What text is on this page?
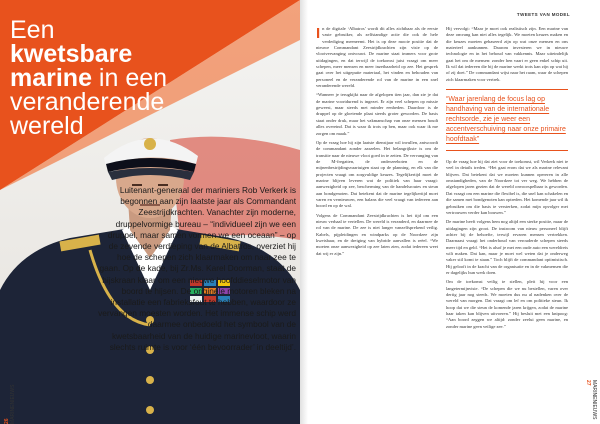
Een kwetsbare marine in een veranderende wereld

Luitenant-generaal der mariniers Rob Verkerk is begonnen aan zijn laatste jaar als Commandant Zeestrijdkrachten. Vanachter zijn moderne, druppelvormige bureau – “individueel zijn we een druppel, maar samen vormen we een oceaan” – op de zevende verdieping van de Albatros, overziet hij hoe de schepen zich klaarmaken om naar zee te gaan. Op de kade, bij Zr.Ms. Karel Doorman, staat de hijskraan klaar om een nieuwe hoofddieselmotor van boord te hijsen. De originele motoren bleken na installatie een fabrieksfout te hebben, waardoor ze vervangen moesten worden. Het immense schip werd daarmee onbedoeld het symbool van de kwetsbaarheid van de huidige marinevloot, waarin slechts ruimte is voor ‘één bevoorrader’ in deeltijd’.

26 MARINENIEUWS
TWEETS VAN MODEL

In de digitale ‘Albatros’ wordt dit alles zichtbaar als de eerste vaste gebruiker, als zelfstandige actie die ook de hele verdediging meeneemt. Het is op deze mooie positie dat de nieuwe Commandant Zeestrijdkrachten zijn visie op de vlootvervanging ontvouwt. De marine staat immers voor grote uitdagingen, en dat terwijl de toekomst juist vraagt om meer schepen, meer mensen en meer inzetbaarheid op zee. Het gesprek gaat over het uitgeputte materiaal, het vinden en behouden van personeel en de veranderende rol van de marine in een snel veranderende wereld.

“Wanneer je terugkijkt naar de afgelopen tien jaar, dan zie je dat de marine voortdurend is ingezet. Er zijn veel schepen op missie geweest, maar steeds met minder eenheden. Daardoor is de druppel op de gloeiende plaat steeds groter geworden. De basis staat onder druk, maar het vakmanschap van onze mensen houdt alles overeind. Dat is waar ik trots op ben, maar ook waar ik me zorgen om maak.”

Op de vraag hoe hij zijn laatste dienstjaar wil invullen, antwoordt de commandant zonder aarzelen. Het belangrijkste is om de transitie naar de nieuwe vloot goed in te zetten. De vervanging van de M-fregatten, de onderzeeboten en de mijnenbestrijdingsvaartuigen staat op de planning, en elk van die projecten vraagt om zorgvuldige keuzes. Tegelijkertijd moet de marine blijven leveren wat de politiek van haar vraagt: aanwezigheid op zee, bescherming van de handelsroutes en steun aan bondgenoten. Dat betekent dat de marine tegelijkertijd moet varen en vernieuwen, een balans die veel vraagt van iedereen aan boord en op de wal.

Volgens de Commandant Zeestrijdkrachten is het tijd om een nieuw verhaal te vertellen. De wereld is veranderd, en daarmee de rol van de marine. De zee is niet langer vanzelfsprekend veilig. Kabels, pijpleidingen en windparks op de Noordzee zijn kwetsbaar, en de dreiging van hybride aanvallen is reëel. “We moeten onze aanwezigheid op zee laten zien, zodat iedereen weet dat wij er zijn.”

Hij vervolgt: “Maar je moet ook realistisch zijn. Een marine van deze omvang kan niet alles tegelijk. We moeten keuzes maken en die keuzes moeten gebaseerd zijn op wat onze mensen en ons materieel aankunnen. Daarom investeren we in nieuwe technologie en in het behoud van vakkennis. Maar uiteindelijk gaat het om de mensen: zonder hen vaart er geen enkel schip uit. Ik wil dat iedereen die bij de marine werkt trots kan zijn op wat hij of zij doet.” De commandant wijst naar het raam, waar de schepen zich klaarmaken voor vertrek.

“Waar jarenlang de focus lag op handhaving van de internationale rechtsorde, zie je weer een accentverschuiving naar onze primaire hoofdtaak”

Op de vraag hoe hij dat ziet voor de toekomst, wil Verkerk niet te veel in details treden. “Het gaat erom dat we als marine relevant blijven. Dat betekent dat we moeten kunnen opereren in alle omstandigheden, van de Noordzee tot ver weg. We hebben de afgelopen jaren gezien dat de wereld onvoorspelbaar is geworden. Dat vraagt om een marine die flexibel is, die snel kan schakelen en die samen met bondgenoten kan optreden. Het komende jaar wil ik gebruiken om die basis te versterken, zodat mijn opvolger met vertrouwen verder kan bouwen.”

De marine heeft volgens hem nog altijd een sterke positie, maar de uitdagingen zijn groot. De instroom van nieuw personeel blijft achter bij de behoefte, terwijl ervaren mensen vertrekken. Daarnaast vraagt het onderhoud van verouderde schepen steeds meer tijd en geld. “Het is alsof je met een oude auto een wereldreis wilt maken. Dat kan, maar je moet wel weten dat je onderweg vaker stil komt te staan.” Toch blijft de commandant optimistisch. Hij gelooft in de kracht van de organisatie en in de vakmensen die er dagelijks hun werk doen.

Om de toekomst veilig te stellen, pleit hij voor een langetermijnvisie. “De schepen die we nu bestellen, varen over dertig jaar nog steeds. We moeten dus nu al nadenken over de wereld van morgen. Dat vraagt om lef en om politieke steun. Ik hoop dat we die steun de komende jaren krijgen, zodat de marine haar taken kan blijven uitvoeren.” Hij besluit met een knipoog: “Aan boord zeggen we altijd: zonder zeelui geen marine, en zonder marine geen veilige zee.”

MARINENIEUWS 27
